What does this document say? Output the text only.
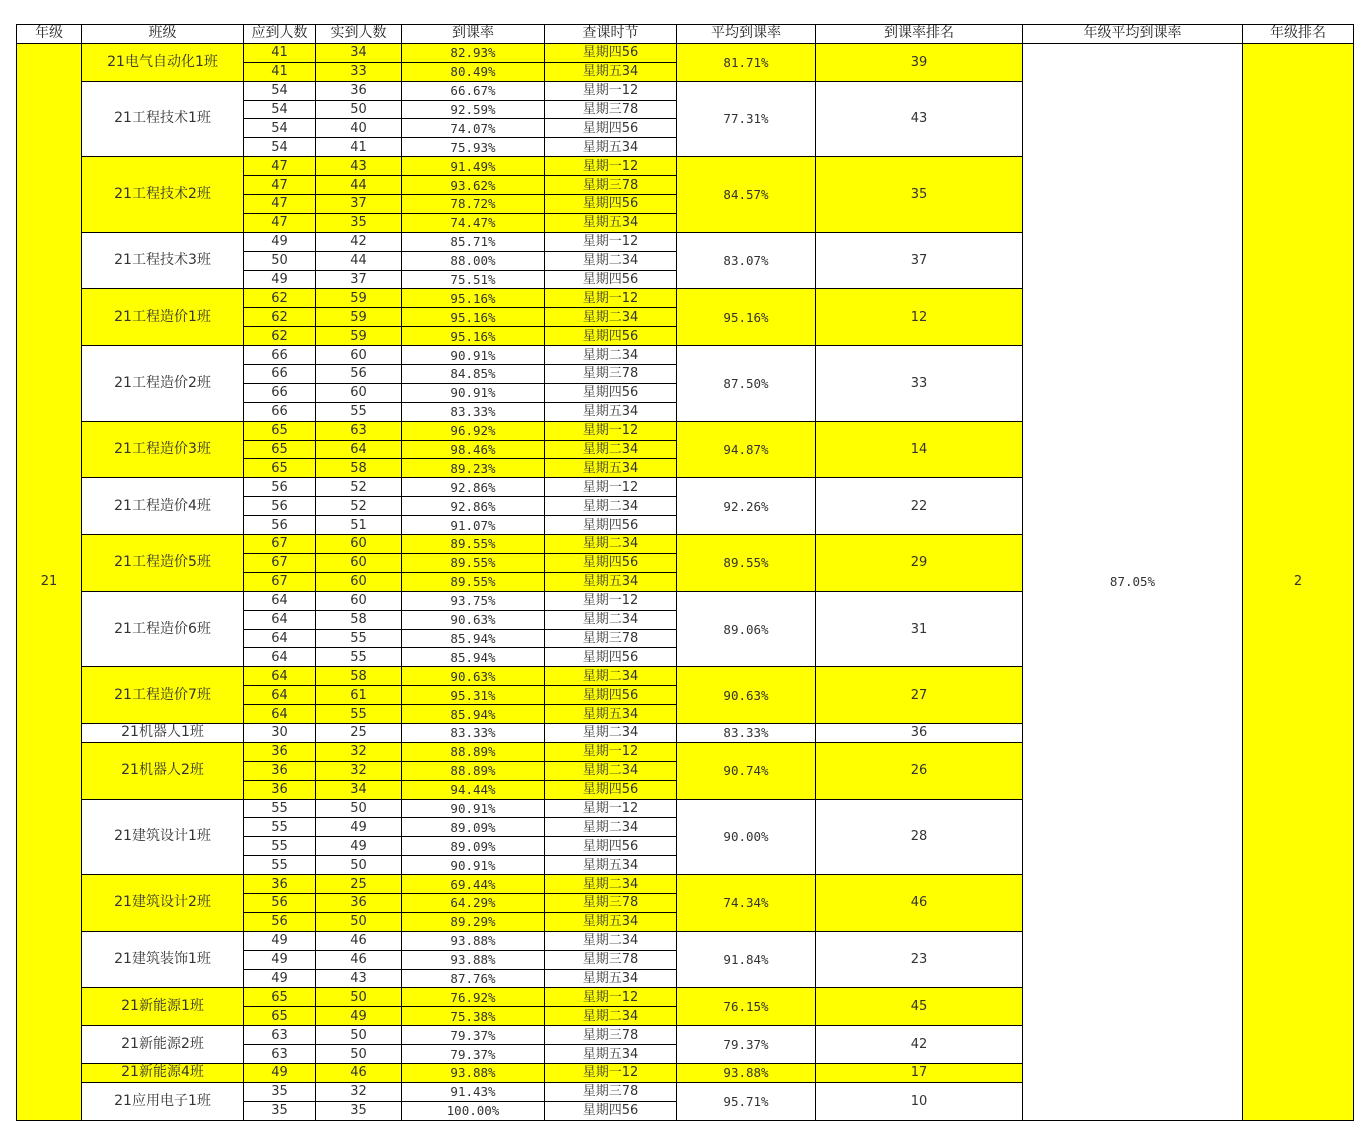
年级	班级	应到人数	实到人数	到课率	查课时节	平均到课率	到课率排名	年级平均到课率	年级排名
21	21电气自动化1班	41	34	82.93%	星期四56	81.71%	39	87.05%	2
		41	33	80.49%	星期五34				
	21工程技术1班	54	36	66.67%	星期一12	77.31%	43		
		54	50	92.59%	星期三78				
		54	40	74.07%	星期四56				
		54	41	75.93%	星期五34				
	21工程技术2班	47	43	91.49%	星期一12	84.57%	35		
		47	44	93.62%	星期三78				
		47	37	78.72%	星期四56				
		47	35	74.47%	星期五34				
	21工程技术3班	49	42	85.71%	星期一12	83.07%	37		
		50	44	88.00%	星期二34				
		49	37	75.51%	星期四56				
	21工程造价1班	62	59	95.16%	星期一12	95.16%	12		
		62	59	95.16%	星期二34				
		62	59	95.16%	星期四56				
	21工程造价2班	66	60	90.91%	星期二34	87.50%	33		
		66	56	84.85%	星期三78				
		66	60	90.91%	星期四56				
		66	55	83.33%	星期五34				
	21工程造价3班	65	63	96.92%	星期一12	94.87%	14		
		65	64	98.46%	星期二34				
		65	58	89.23%	星期五34				
	21工程造价4班	56	52	92.86%	星期一12	92.26%	22		
		56	52	92.86%	星期二34				
		56	51	91.07%	星期四56				
	21工程造价5班	67	60	89.55%	星期二34	89.55%	29		
		67	60	89.55%	星期四56				
		67	60	89.55%	星期五34				
	21工程造价6班	64	60	93.75%	星期一12	89.06%	31		
		64	58	90.63%	星期二34				
		64	55	85.94%	星期三78				
		64	55	85.94%	星期四56				
	21工程造价7班	64	58	90.63%	星期二34	90.63%	27		
		64	61	95.31%	星期四56				
		64	55	85.94%	星期五34				
	21机器人1班	30	25	83.33%	星期二34	83.33%	36		
	21机器人2班	36	32	88.89%	星期一12	90.74%	26		
		36	32	88.89%	星期二34				
		36	34	94.44%	星期四56				
	21建筑设计1班	55	50	90.91%	星期一12	90.00%	28		
		55	49	89.09%	星期二34				
		55	49	89.09%	星期四56				
		55	50	90.91%	星期五34				
	21建筑设计2班	36	25	69.44%	星期二34	74.34%	46		
		56	36	64.29%	星期三78				
		56	50	89.29%	星期五34				
	21建筑装饰1班	49	46	93.88%	星期二34	91.84%	23		
		49	46	93.88%	星期三78				
		49	43	87.76%	星期五34				
	21新能源1班	65	50	76.92%	星期一12	76.15%	45		
		65	49	75.38%	星期二34				
	21新能源2班	63	50	79.37%	星期三78	79.37%	42		
		63	50	79.37%	星期五34				
	21新能源4班	49	46	93.88%	星期一12	93.88%	17		
	21应用电子1班	35	32	91.43%	星期三78	95.71%	10		
		35	35	100.00%	星期四56				
